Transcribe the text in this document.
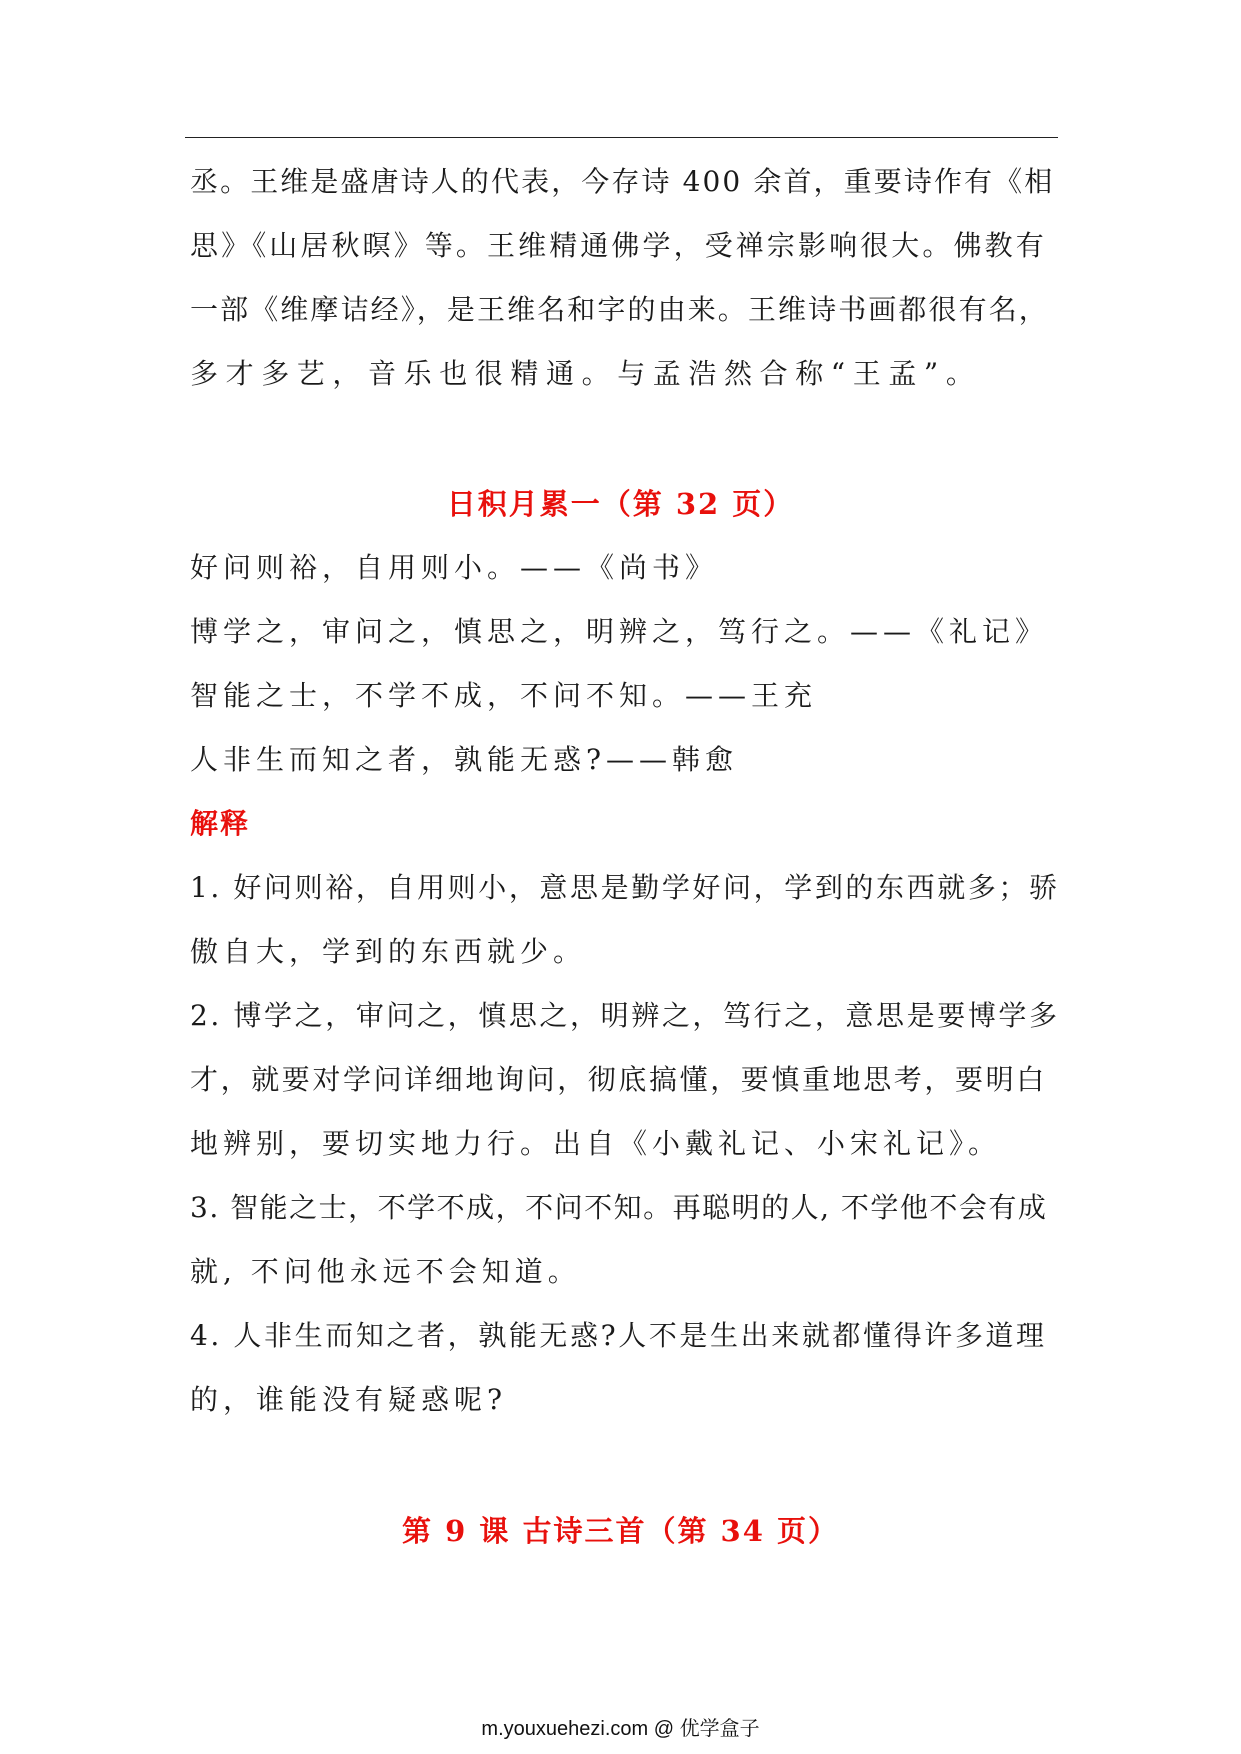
丞。王维是盛唐诗人的代表，今存诗 400 余首，重要诗作有《相
思》《山居秋暝》等。王维精通佛学，受禅宗影响很大。佛教有
一部《维摩诘经》，是王维名和字的由来。王维诗书画都很有名，
多才多艺，音乐也很精通。与孟浩然合称“王孟”。
日积月累一（第 32 页）
好问则裕，自用则小。——《尚书》
博学之，审问之，慎思之，明辨之，笃行之。——《礼记》
智能之士，不学不成，不问不知。——王充
人非生而知之者，孰能无惑?——韩愈
解释
1. 好问则裕，自用则小，意思是勤学好问，学到的东西就多；骄
傲自大，学到的东西就少。
2. 博学之，审问之，慎思之，明辨之，笃行之，意思是要博学多
才，就要对学问详细地询问，彻底搞懂，要慎重地思考，要明白
地辨别，要切实地力行。出自《小戴礼记、小宋礼记》。
3. 智能之士，不学不成，不问不知。再聪明的人, 不学他不会有成
就, 不问他永远不会知道。
4. 人非生而知之者，孰能无惑?人不是生出来就都懂得许多道理
的，谁能没有疑惑呢?
第 9 课 古诗三首（第 34 页）
m.youxuehezi.com @ 优学盒子
